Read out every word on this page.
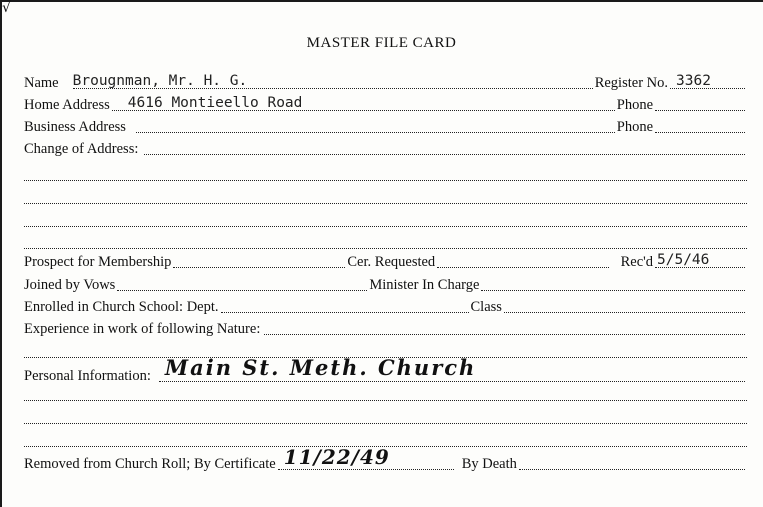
√
MASTER FILE CARD
Name Brougnman, Mr. H. G.	Register No. 3362
Home Address 4616 Montieello Road	Phone
Business Address	Phone
Change of Address:
Prospect for Membership	Cer. Requested	Rec'd 5/5/46
Joined by Vows	Minister In Charge
Enrolled in Church School: Dept.	Class
Experience in work of following Nature:
Personal Information: Main St. Meth. Church
Removed from Church Roll; By Certificate 11/22/49	By Death
